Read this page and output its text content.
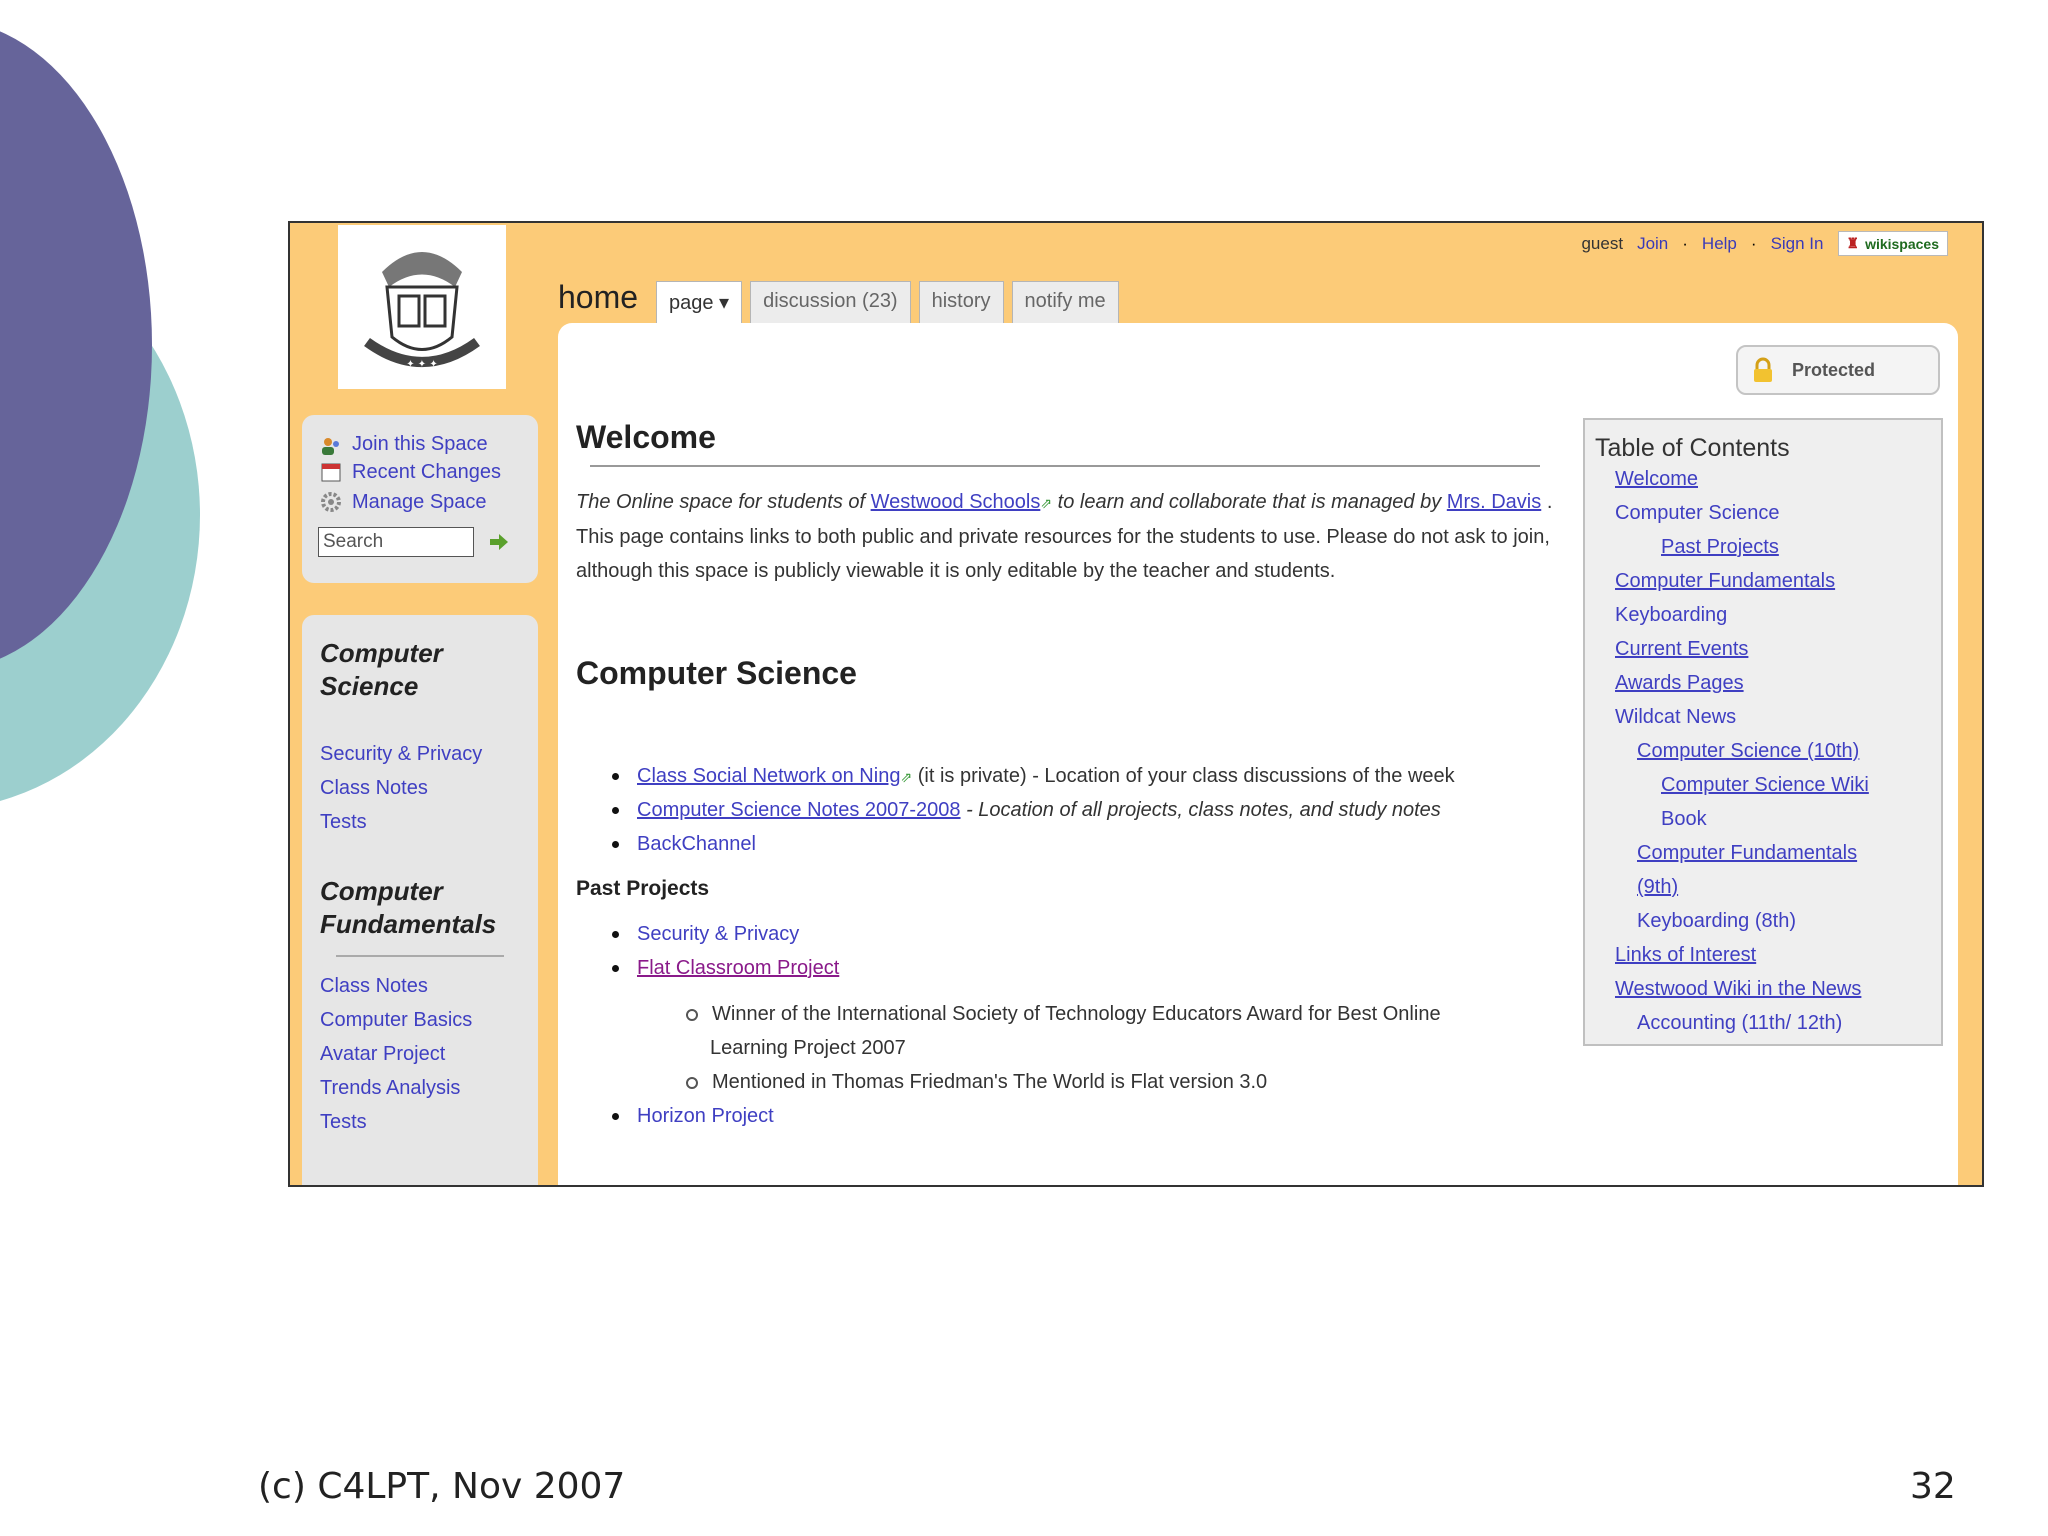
✦ ✦ ✦
guest Join · Help · Sign In ♜ wikispaces
home	page ▾	discussion (23)	history	notify me
Join this Space
Recent Changes
Manage Space
Search
Computer
Science
Security & Privacy
Class Notes
Tests
Computer
Fundamentals
Class Notes
Computer Basics
Avatar Project
Trends Analysis
Tests
Protected
Welcome
The Online space for students of Westwood Schools⇗ to learn and collaborate that is managed by Mrs. Davis . This page contains links to both public and private resources for the students to use. Please do not ask to join, although this space is publicly viewable it is only editable by the teacher and students.
Computer Science
Class Social Network on Ning⇗ (it is private) - Location of your class discussions of the week
Computer Science Notes 2007-2008 - Location of all projects, class notes, and study notes
BackChannel
Past Projects
Security & Privacy
Flat Classroom Project
Winner of the International Society of Technology Educators Award for Best Online
Learning Project 2007
Mentioned in Thomas Friedman's The World is Flat version 3.0
Horizon Project
Table of Contents
Welcome
Computer Science
Past Projects
Computer Fundamentals
Keyboarding
Current Events
Awards Pages
Wildcat News
Computer Science (10th)
Computer Science Wiki
Book
Computer Fundamentals
(9th)
Keyboarding (8th)
Links of Interest
Westwood Wiki in the News
Accounting (11th/ 12th)
(c) C4LPT, Nov 2007	32
